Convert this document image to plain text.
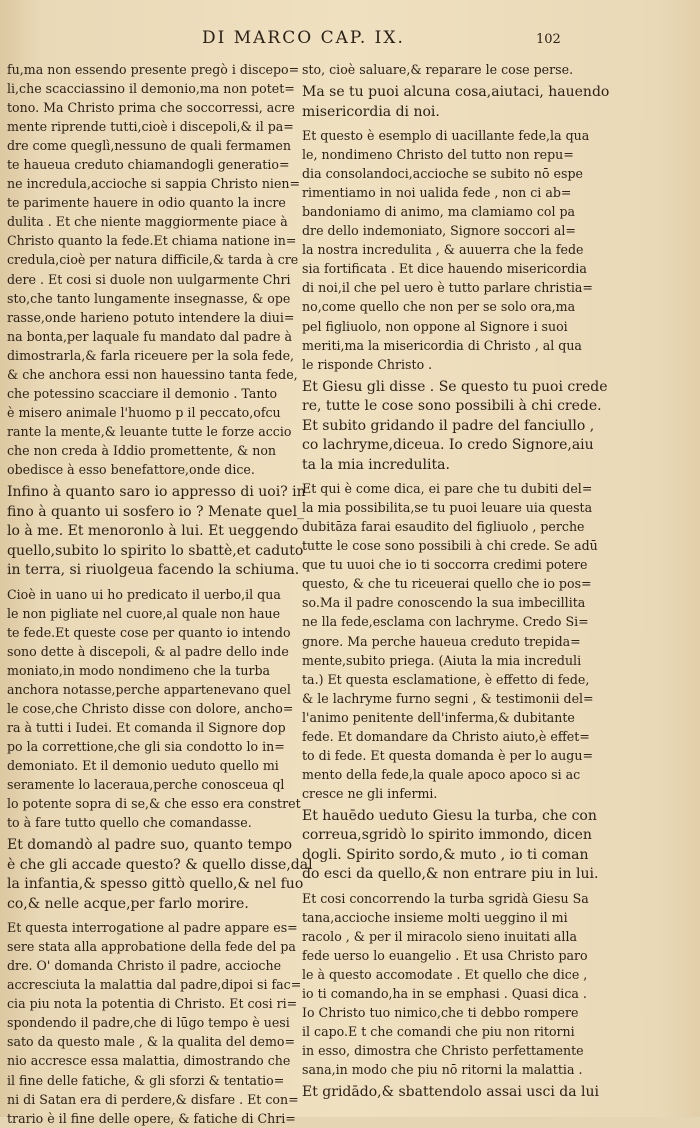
DI MARCO CAP. IX.	102
fu,ma non essendo presente pregò i discepo=
li,che scacciassino il demonio,ma non potet=
tono. Ma Christo prima che soccorressi, acre
mente riprende tutti,cioè i discepoli,& il pa=
dre come queglì,nessuno de quali fermamen
te haueua creduto chiamandogli generatio=
ne incredula,accioche si sappia Christo nien=
te parimente hauere in odio quanto la incre
dulita . Et che niente maggiormente piace à
Christo quanto la fede.Et chiama natione in=
credula,cioè per natura difficile,& tarda à cre
dere . Et cosi si duole non uulgarmente Chri
sto,che tanto lungamente insegnasse, & ope
rasse,onde harieno potuto intendere la diui=
na bonta,per laquale fu mandato dal padre à
dimostrarla,& farla riceuere per la sola fede,
& che anchora essi non hauessino tanta fede,
che potessino scacciare il demonio . Tanto
è misero animale l'huomo p il peccato,ofcu
rante la mente,& leuante tutte le forze accio
che non creda à Iddio promettente, & non
obedisce à esso benefattore,onde dice.
Infino à quanto saro io appresso di uoi? in
fino à quanto ui sosfero io ? Menate quel_
lo à me. Et menoronlo à lui. Et ueggendo
quello,subito lo spirito lo sbattè,et caduto
in terra, si riuolgeua facendo la schiuma.
Cioè in uano ui ho predicato il uerbo,il qua
le non pigliate nel cuore,al quale non haue
te fede.Et queste cose per quanto io intendo
sono dette à discepoli, & al padre dello inde
moniato,in modo nondimeno che la turba
anchora notasse,perche appartenevano quel
le cose,che Christo disse con dolore, ancho=
ra à tutti i Iudei. Et comanda il Signore dop
po la correttione,che gli sia condotto lo in=
demoniato. Et il demonio ueduto quello mi
seramente lo laceraua,perche conosceua ql
lo potente sopra di se,& che esso era constret
to à fare tutto quello che comandasse.
Et domandò al padre suo, quanto tempo
è che gli accade questo? & quello disse,dal
la infantia,& spesso gittò quello,& nel fuo
co,& nelle acque,per farlo morire.
Et questa interrogatione al padre appare es=
sere stata alla approbatione della fede del pa
dre. O' domanda Christo il padre, accioche
accresciuta la malattia dal padre,dipoi si fac=
cia piu nota la potentia di Christo. Et cosi ri=
spondendo il padre,che di lūgo tempo è uesi
sato da questo male , & la qualita del demo=
nio accresce essa malattia, dimostrando che
il fine delle fatiche, & gli sforzi & tentatio=
ni di Satan era di perdere,& disfare . Et con=
trario è il fine delle opere, & fatiche di Chri=
sto, cioè saluare,& reparare le cose perse.
Ma se tu puoi alcuna cosa,aiutaci, hauendo
misericordia di noi.
Et questo è esemplo di uacillante fede,la qua
le, nondimeno Christo del tutto non repu=
dia consolandoci,accioche se subito nō espe
rimentiamo in noi ualida fede , non ci ab=
bandoniamo di animo, ma clamiamo col pa
dre dello indemoniato, Signore soccori al=
la nostra incredulita , & auuerra che la fede
sia fortificata . Et dice hauendo misericordia
di noi,il che pel uero è tutto parlare christia=
no,come quello che non per se solo ora,ma
pel figliuolo, non oppone al Signore i suoi
meriti,ma la misericordia di Christo , al qua
le risponde Christo .
Et Giesu gli disse . Se questo tu puoi crede
re, tutte le cose sono possibili à chi crede.
Et subito gridando il padre del fanciullo ,
co lachryme,diceua. Io credo Signore,aiu
ta la mia incredulita.
Et qui è come dica, ei pare che tu dubiti del=
la mia possibilita,se tu puoi leuare uia questa
dubitāza farai esaudito del figliuolo , perche
tutte le cose sono possibili à chi crede. Se adū
que tu uuoi che io ti soccorra credimi potere
questo, & che tu riceuerai quello che io pos=
so.Ma il padre conoscendo la sua imbecillita
ne lla fede,esclama con lachryme. Credo Si=
gnore. Ma perche haueua creduto trepida=
mente,subito priega. (Aiuta la mia increduli
ta.) Et questa esclamatione, è effetto di fede,
& le lachryme furno segni , & testimonii del=
l'animo penitente dell'inferma,& dubitante
fede. Et domandare da Christo aiuto,è effet=
to di fede. Et questa domanda è per lo augu=
mento della fede,la quale apoco apoco si ac
cresce ne gli infermi.
Et hauēdo ueduto Giesu la turba, che con
correua,sgridò lo spirito immondo, dicen
dogli. Spirito sordo,& muto , io ti coman
do esci da quello,& non entrare piu in lui.
Et cosi concorrendo la turba sgridà Giesu Sa
tana,accioche insieme molti ueggino il mi
racolo , & per il miracolo sieno inuitati alla
fede uerso lo euangelio . Et usa Christo paro
le à questo accomodate . Et quello che dice ,
io ti comando,ha in se emphasi . Quasi dica .
Io Christo tuo nimico,che ti debbo rompere
il capo.E t che comandi che piu non ritorni
in esso, dimostra che Christo perfettamente
sana,in modo che piu nō ritorni la malattia .
Et gridādo,& sbattendolo assai usci da lui
